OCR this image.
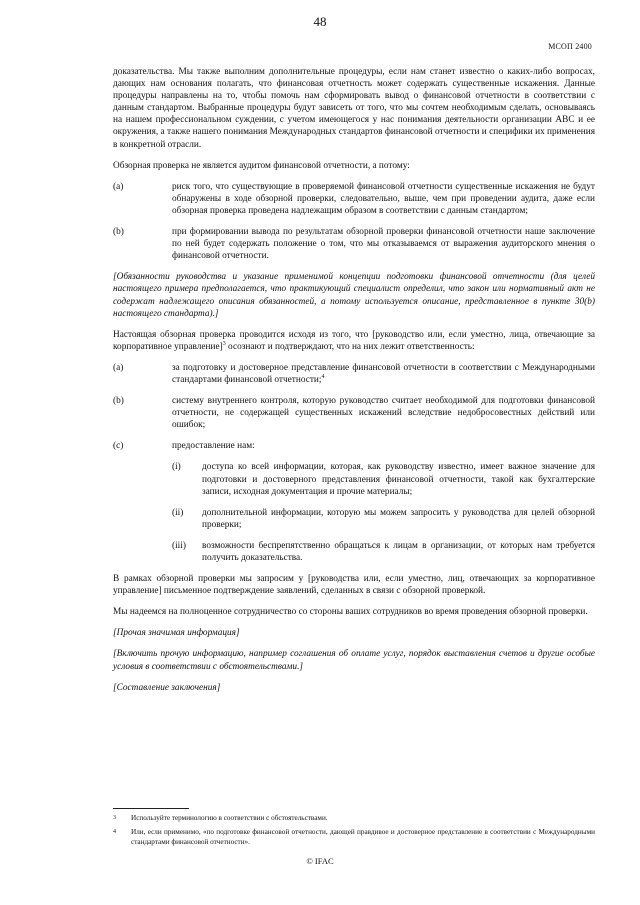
48
МСОП 2400

доказательства. Мы также выполним дополнительные процедуры, если нам станет известно о каких-либо вопросах, дающих нам основания полагать, что финансовая отчетность может содержать существенные искажения. Данные процедуры направлены на то, чтобы помочь нам сформировать вывод о финансовой отчетности в соответствии с данным стандартом. Выбранные процедуры будут зависеть от того, что мы сочтем необходимым сделать, основываясь на нашем профессиональном суждении, с учетом имеющегося у нас понимания деятельности организации ABC и ее окружения, а также нашего понимания Международных стандартов финансовой отчетности и специфики их применения в конкретной отрасли.

Обзорная проверка не является аудитом финансовой отчетности, а потому:

(a)	риск того, что существующие в проверяемой финансовой отчетности существенные искажения не будут обнаружены в ходе обзорной проверки, следовательно, выше, чем при проведении аудита, даже если обзорная проверка проведена надлежащим образом в соответствии с данным стандартом;
(b)	при формировании вывода по результатам обзорной проверки финансовой отчетности наше заключение по ней будет содержать положение о том, что мы отказываемся от выражения аудиторского мнения о финансовой отчетности.

[Обязанности руководства и указание применимой концепции подготовки финансовой отчетности (для целей настоящего примера предполагается, что практикующий специалист определил, что закон или нормативный акт не содержат надлежащего описания обязанностей, а потому используется описание, представленное в пункте 30(b) настоящего стандарта).]

Настоящая обзорная проверка проводится исходя из того, что [руководство или, если уместно, лица, отвечающие за корпоративное управление]$^3$ осознают и подтверждают, что на них лежит ответственность:

(a)	за подготовку и достоверное представление финансовой отчетности в соответствии с Международными стандартами финансовой отчетности;$^4$
(b)	систему внутреннего контроля, которую руководство считает необходимой для подготовки финансовой отчетности, не содержащей существенных искажений вследствие недобросовестных действий или ошибок;
(c)	предоставление нам:
(i)	доступа ко всей информации, которая, как руководству известно, имеет важное значение для подготовки и достоверного представления финансовой отчетности, такой как бухгалтерские записи, исходная документация и прочие материалы;
(ii)	дополнительной информации, которую мы можем запросить у руководства для целей обзорной проверки;
(iii)	возможности беспрепятственно обращаться к лицам в организации, от которых нам требуется получить доказательства.

В рамках обзорной проверки мы запросим у [руководства или, если уместно, лиц, отвечающих за корпоративное управление] письменное подтверждение заявлений, сделанных в связи с обзорной проверкой.

Мы надеемся на полноценное сотрудничество со стороны ваших сотрудников во время проведения обзорной проверки.

[Прочая значимая информация]

[Включить прочую информацию, например соглашения об оплате услуг, порядок выставления счетов и другие особые условия в соответствии с обстоятельствами.]

[Составление заключения]

3	Используйте терминологию в соответствии с обстоятельствами.
4	Или, если применимо, «по подготовке финансовой отчетности, дающей правдивое и достоверное представление в соответствии с Международными стандартами финансовой отчетности».
© IFAC
